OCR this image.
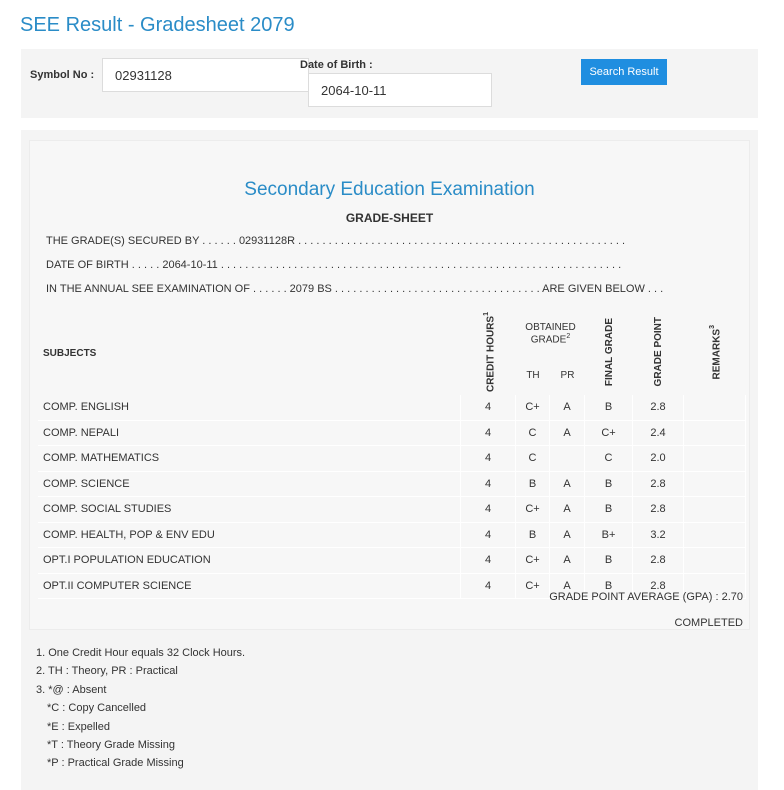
SEE Result - Gradesheet 2079
Symbol No :
02931128
Date of Birth :
2064-10-11
Search Result
Secondary Education Examination
GRADE-SHEET
THE GRADE(S) SECURED BY . . . . . . 02931128R . . . . . . . . . . . . . . . . . . . . . . . . . . . . . . . . . . . . . . . . . . . . . . . . . . . . . .
DATE OF BIRTH . . . . . 2064-10-11 . . . . . . . . . . . . . . . . . . . . . . . . . . . . . . . . . . . . . . . . . . . . . . . . . . . . . . . . . . . . . . . . . .
IN THE ANNUAL SEE EXAMINATION OF . . . . . . 2079 BS . . . . . . . . . . . . . . . . . . . . . . . . . . . . . . . . . . ARE GIVEN BELOW . . .
SUBJECTS	CREDIT HOURS$^1$	OBTAINED GRADE$^2$		FINAL GRADE	GRADE POINT	REMARKS$^3$
		TH	PR			
COMP. ENGLISH	4	C+	A	B	2.8	
COMP. NEPALI	4	C	A	C+	2.4	
COMP. MATHEMATICS	4	C		C	2.0	
COMP. SCIENCE	4	B	A	B	2.8	
COMP. SOCIAL STUDIES	4	C+	A	B	2.8	
COMP. HEALTH, POP & ENV EDU	4	B	A	B+	3.2	
OPT.I POPULATION EDUCATION	4	C+	A	B	2.8	
OPT.II COMPUTER SCIENCE	4	C+	A	B	2.8	
GRADE POINT AVERAGE (GPA) : 2.70
COMPLETED
1. One Credit Hour equals 32 Clock Hours.
2. TH : Theory, PR : Practical
3. *@ : Absent
*C : Copy Cancelled
*E : Expelled
*T : Theory Grade Missing
*P : Practical Grade Missing
